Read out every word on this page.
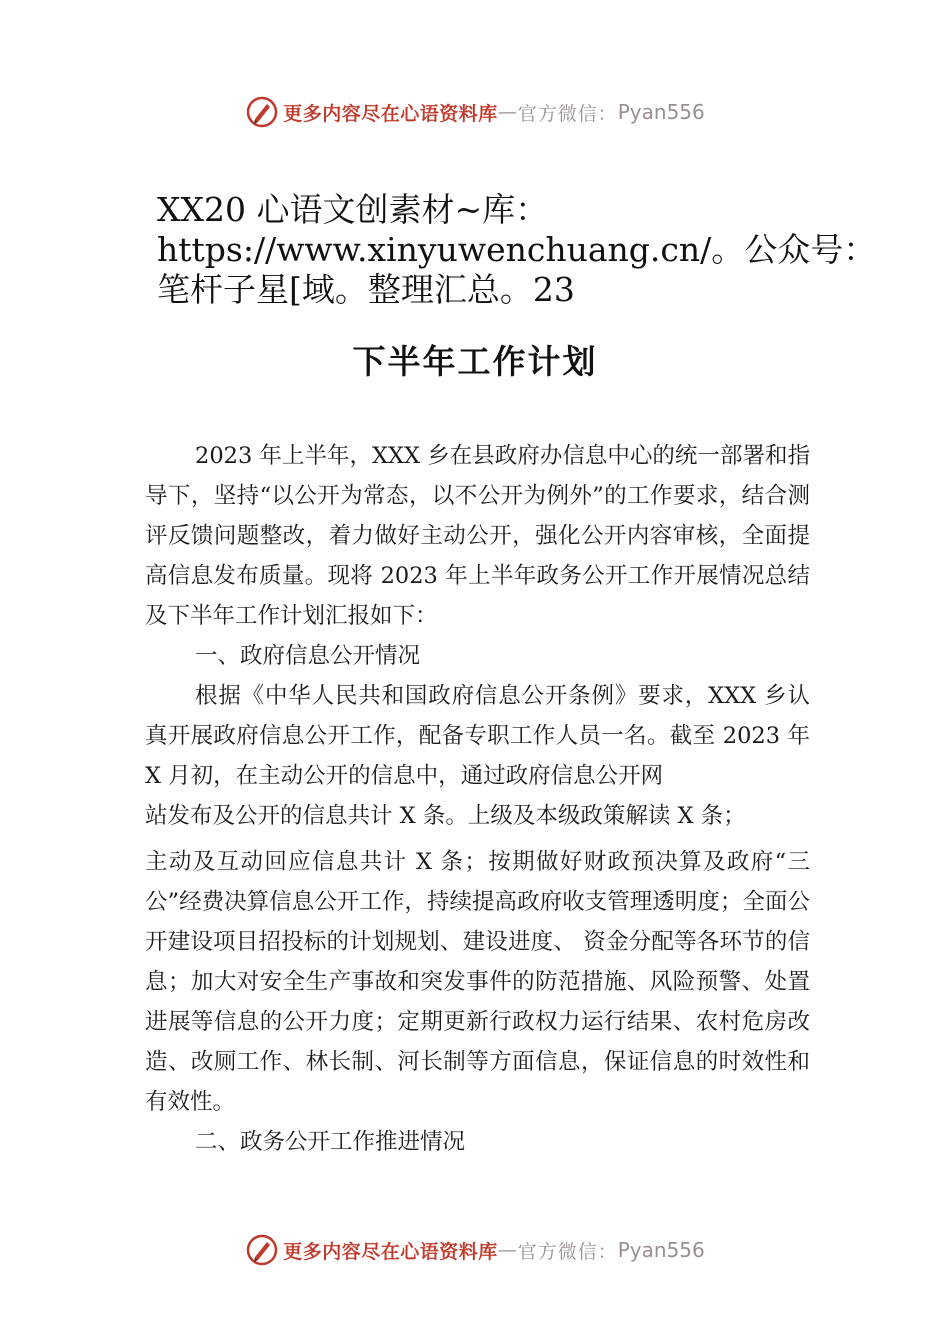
更多内容尽在心语资料库 — 官方微信： Pyan556
XX20 心语文创素材~库：
https://www.xinyuwenchuang.cn/。公众号：
笔杆子星[域。整理汇总。23
下半年工作计划

2023 年上半年，XXX 乡在县政府办信息中心的统一部署和指导下，坚持“以公开为常态，以不公开为例外”的工作要求，结合测评反馈问题整改，着力做好主动公开，强化公开内容审核，全面提高信息发布质量。现将 2023 年上半年政务公开工作开展情况总结及下半年工作计划汇报如下：

一、政府信息公开情况

根据《中华人民共和国政府信息公开条例》要求，XXX 乡认真开展政府信息公开工作，配备专职工作人员一名。截至 2023 年 X 月初，在主动公开的信息中，通过政府信息公开网

站发布及公开的信息共计 X 条。上级及本级政策解读 X 条；

主动及互动回应信息共计 X 条；按期做好财政预决算及政府“三公”经费决算信息公开工作，持续提高政府收支管理透明度；全面公开建设项目招投标的计划规划、建设进度、 资金分配等各环节的信息；加大对安全生产事故和突发事件的防范措施、风险预警、处置进展等信息的公开力度；定期更新行政权力运行结果、农村危房改造、改厕工作、林长制、河长制等方面信息，保证信息的时效性和有效性。

二、政务公开工作推进情况

更多内容尽在心语资料库 — 官方微信： Pyan556
